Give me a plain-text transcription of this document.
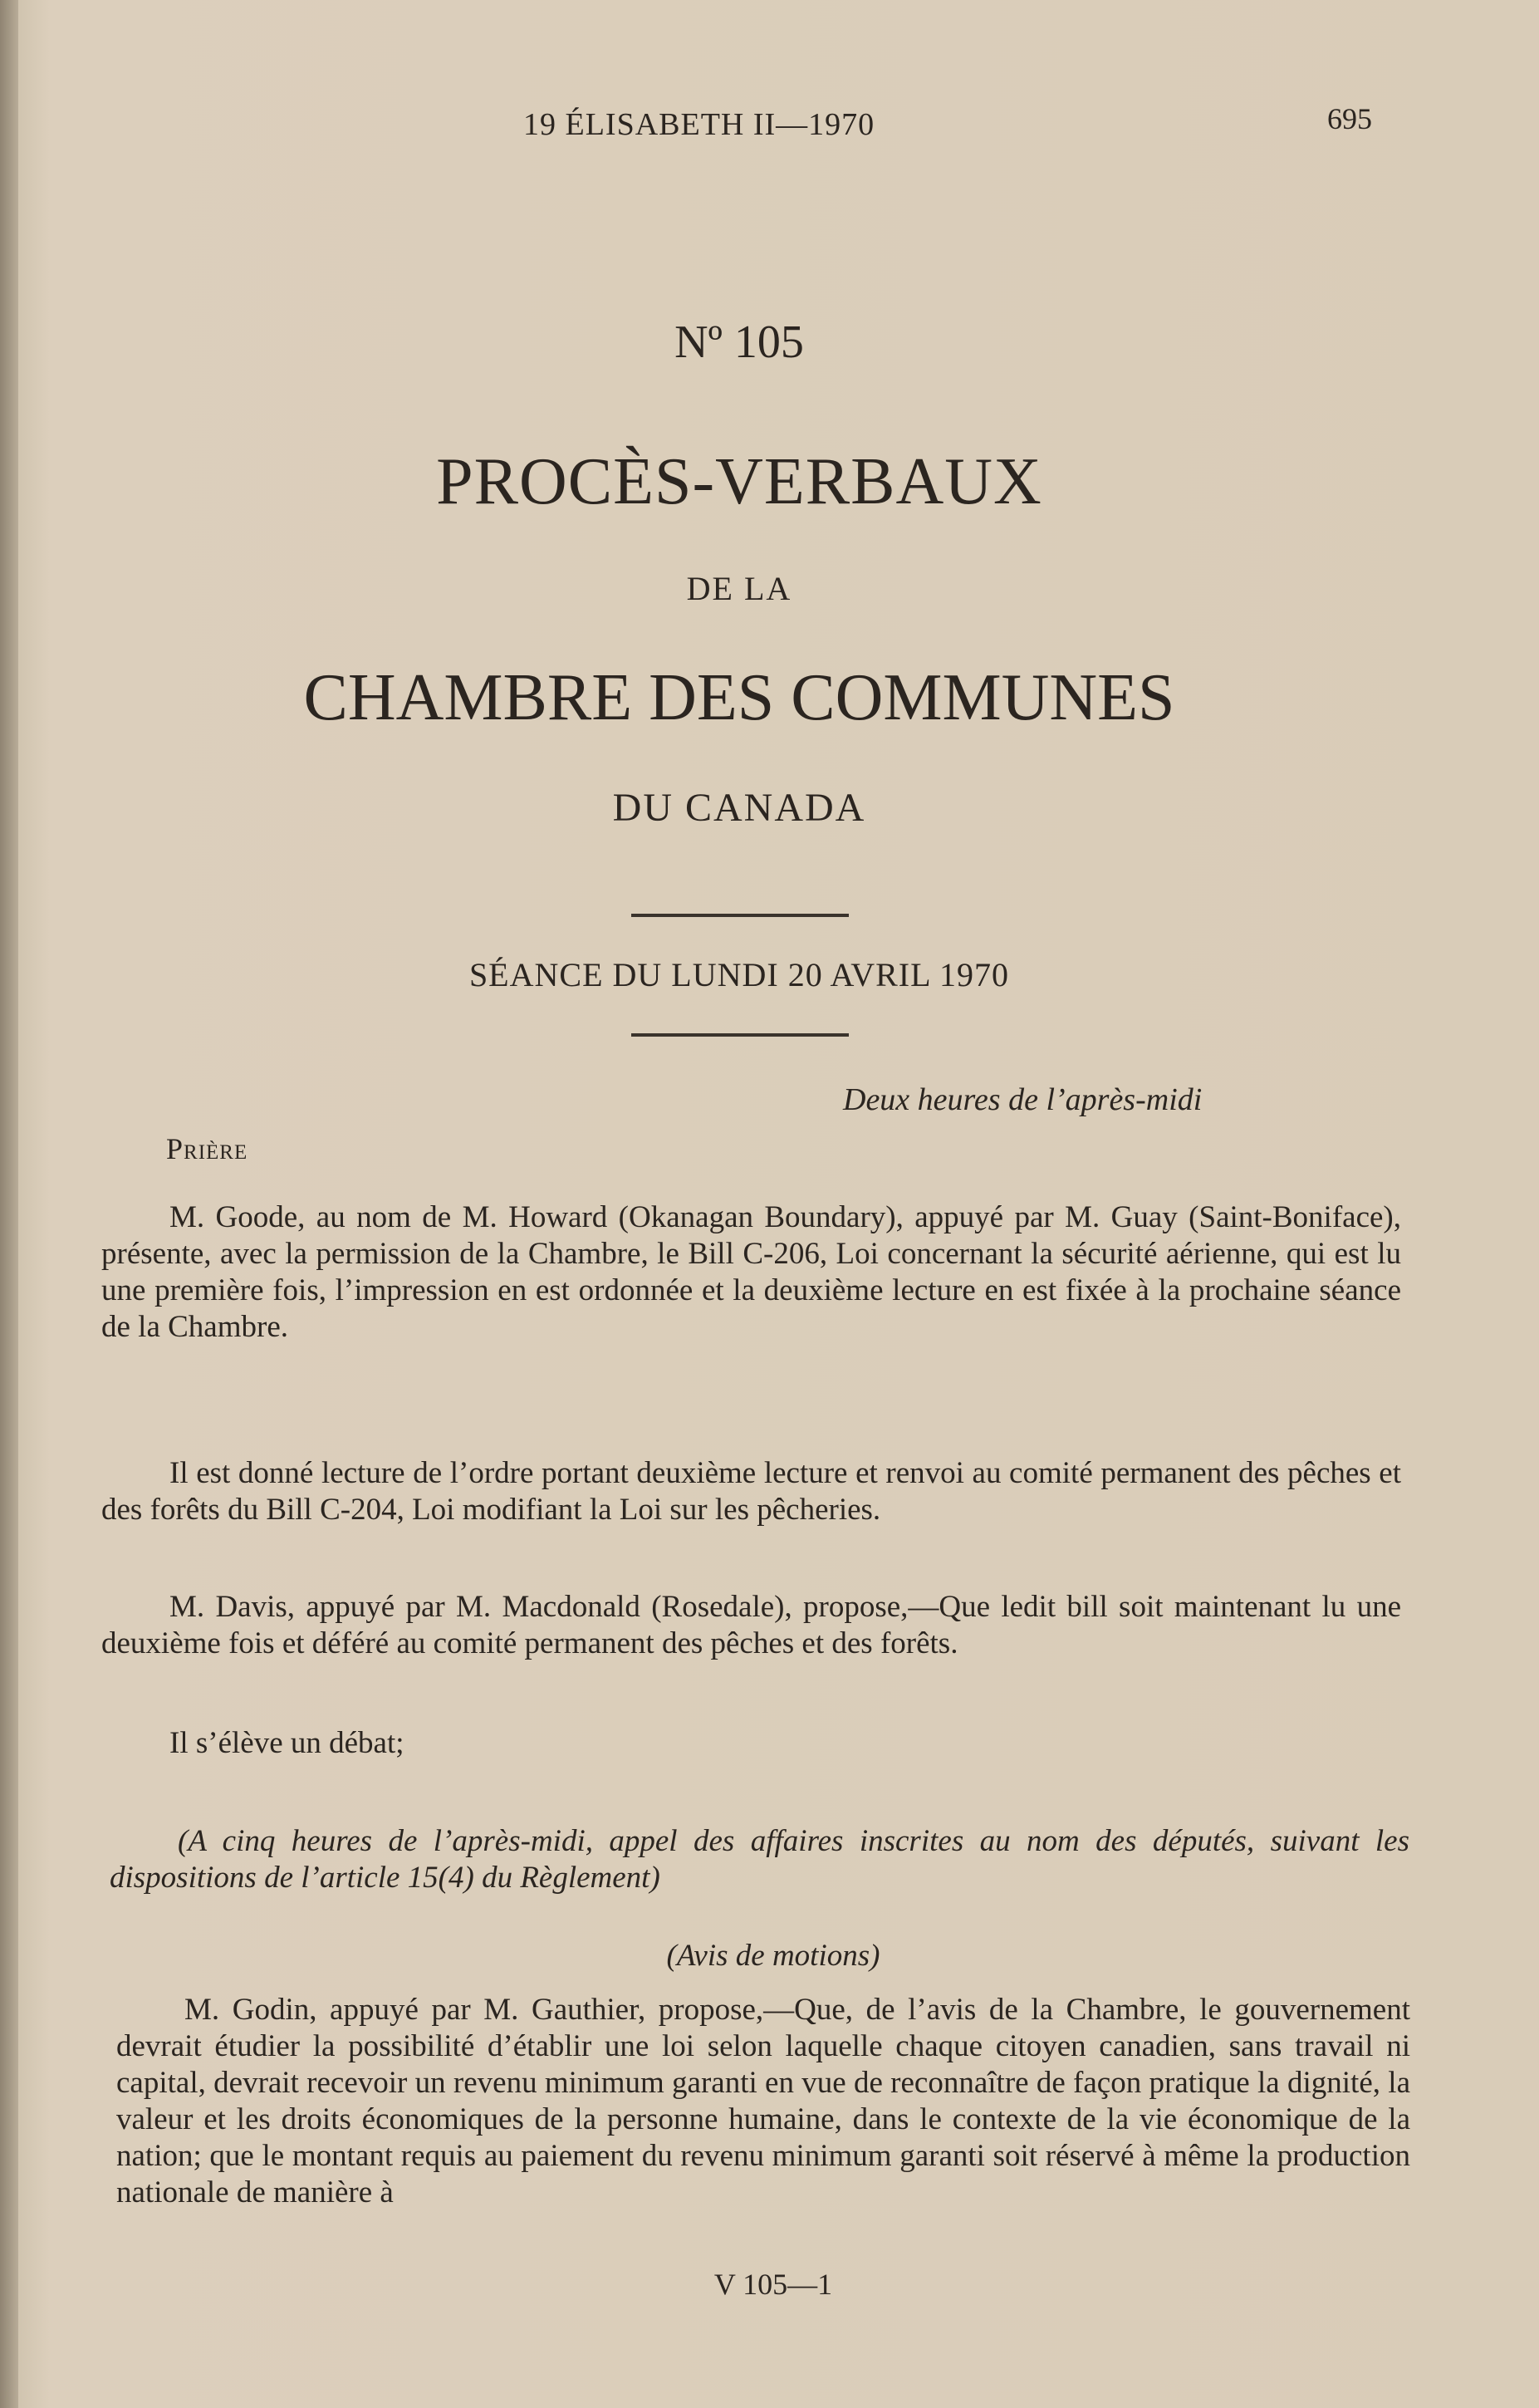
19 ÉLISABETH II—1970	695
Nº 105
PROCÈS-VERBAUX
DE LA
CHAMBRE DES COMMUNES
DU CANADA
SÉANCE DU LUNDI 20 AVRIL 1970
Deux heures de l’après-midi
Prière

M. Goode, au nom de M. Howard (Okanagan Boundary), appuyé par M. Guay (Saint-Boniface), présente, avec la permission de la Chambre, le Bill C-206, Loi concernant la sécurité aérienne, qui est lu une première fois, l’impression en est ordonnée et la deuxième lecture en est fixée à la prochaine séance de la Chambre.

Il est donné lecture de l’ordre portant deuxième lecture et renvoi au comité permanent des pêches et des forêts du Bill C-204, Loi modifiant la Loi sur les pêcheries.

M. Davis, appuyé par M. Macdonald (Rosedale), propose,—Que ledit bill soit maintenant lu une deuxième fois et déféré au comité permanent des pêches et des forêts.

Il s’élève un débat;

(A cinq heures de l’après-midi, appel des affaires inscrites au nom des députés, suivant les dispositions de l’article 15(4) du Règlement)

(Avis de motions)

M. Godin, appuyé par M. Gauthier, propose,—Que, de l’avis de la Chambre, le gouvernement devrait étudier la possibilité d’établir une loi selon laquelle chaque citoyen canadien, sans travail ni capital, devrait recevoir un revenu minimum garanti en vue de reconnaître de façon pratique la dignité, la valeur et les droits économiques de la personne humaine, dans le contexte de la vie économique de la nation; que le montant requis au paiement du revenu minimum garanti soit réservé à même la production nationale de manière à

V 105—1
